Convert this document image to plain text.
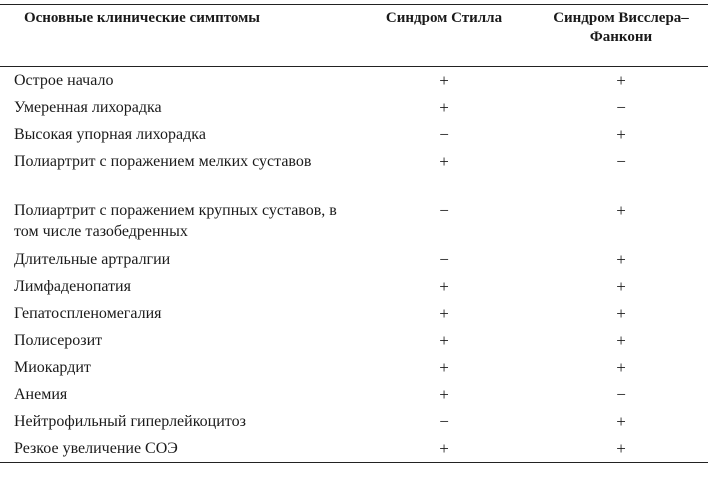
Основные клинические симптомы	Синдром Стилла	Синдром Висслера–Фанкони
Острое начало	+	+
Умеренная лихорадка	+	−
Высокая упорная лихорадка	−	+
Полиартрит с поражением мелких суставов	+	−
Полиартрит с поражением крупных суставов, в том числе тазобедренных	−	+
Длительные артралгии	−	+
Лимфаденопатия	+	+
Гепатоспленомегалия	+	+
Полисерозит	+	+
Миокардит	+	+
Анемия	+	−
Нейтрофильный гиперлейкоцитоз	−	+
Резкое увеличение СОЭ	+	+
